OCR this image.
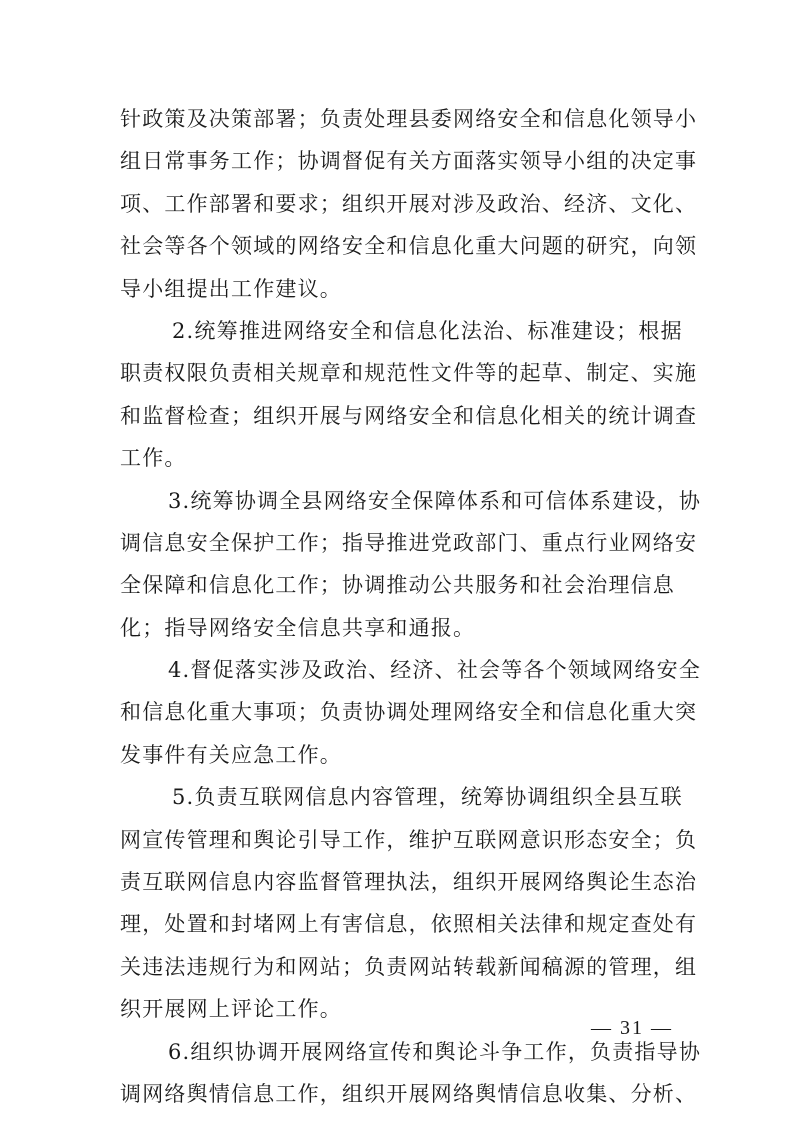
针政策及决策部署；负责处理县委网络安全和信息化领导小
组日常事务工作；协调督促有关方面落实领导小组的决定事
项、工作部署和要求；组织开展对涉及政治、经济、文化、
社会等各个领域的网络安全和信息化重大问题的研究，向领
导小组提出工作建议。
2.统筹推进网络安全和信息化法治、标准建设；根据
职责权限负责相关规章和规范性文件等的起草、制定、实施
和监督检查；组织开展与网络安全和信息化相关的统计调查
工作。
3.统筹协调全县网络安全保障体系和可信体系建设，协
调信息安全保护工作；指导推进党政部门、重点行业网络安
全保障和信息化工作；协调推动公共服务和社会治理信息
化；指导网络安全信息共享和通报。
4.督促落实涉及政治、经济、社会等各个领域网络安全
和信息化重大事项；负责协调处理网络安全和信息化重大突
发事件有关应急工作。
5.负责互联网信息内容管理，统筹协调组织全县互联
网宣传管理和舆论引导工作，维护互联网意识形态安全；负
责互联网信息内容监督管理执法，组织开展网络舆论生态治
理，处置和封堵网上有害信息，依照相关法律和规定查处有
关违法违规行为和网站；负责网站转载新闻稿源的管理，组
织开展网上评论工作。
6.组织协调开展网络宣传和舆论斗争工作，负责指导协
调网络舆情信息工作，组织开展网络舆情信息收集、分析、
— 31 —
